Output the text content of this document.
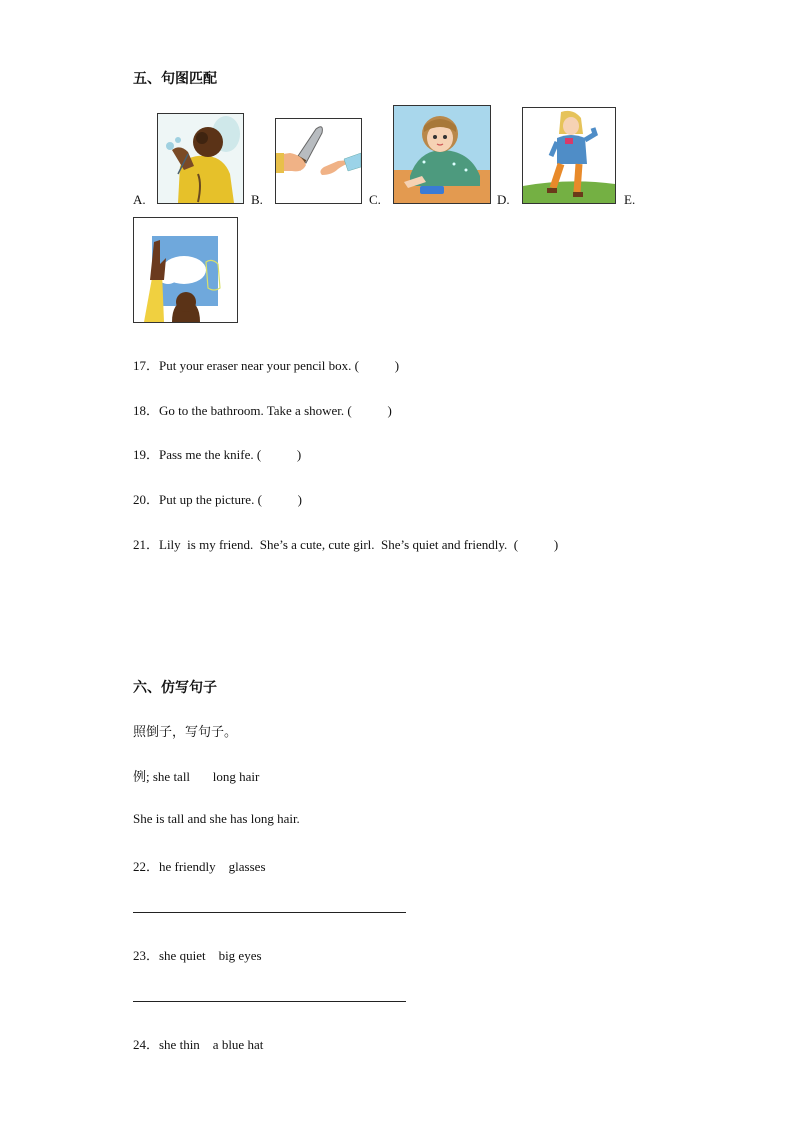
五、句图匹配
A.	B.	C.	D.	E.
17．Put your eraser near your pencil box. (           )
18．Go to the bathroom. Take a shower. (           )
19．Pass me the knife. (           )
20．Put up the picture. (           )
21．Lily  is my friend.  She’s a cute, cute girl.  She’s quiet and friendly.  (           )
六、仿写句子
照倒子，写句子。
例; she tall       long hair
She is tall and she has long hair.
22．he friendly    glasses
23．she quiet    big eyes
24．she thin    a blue hat
